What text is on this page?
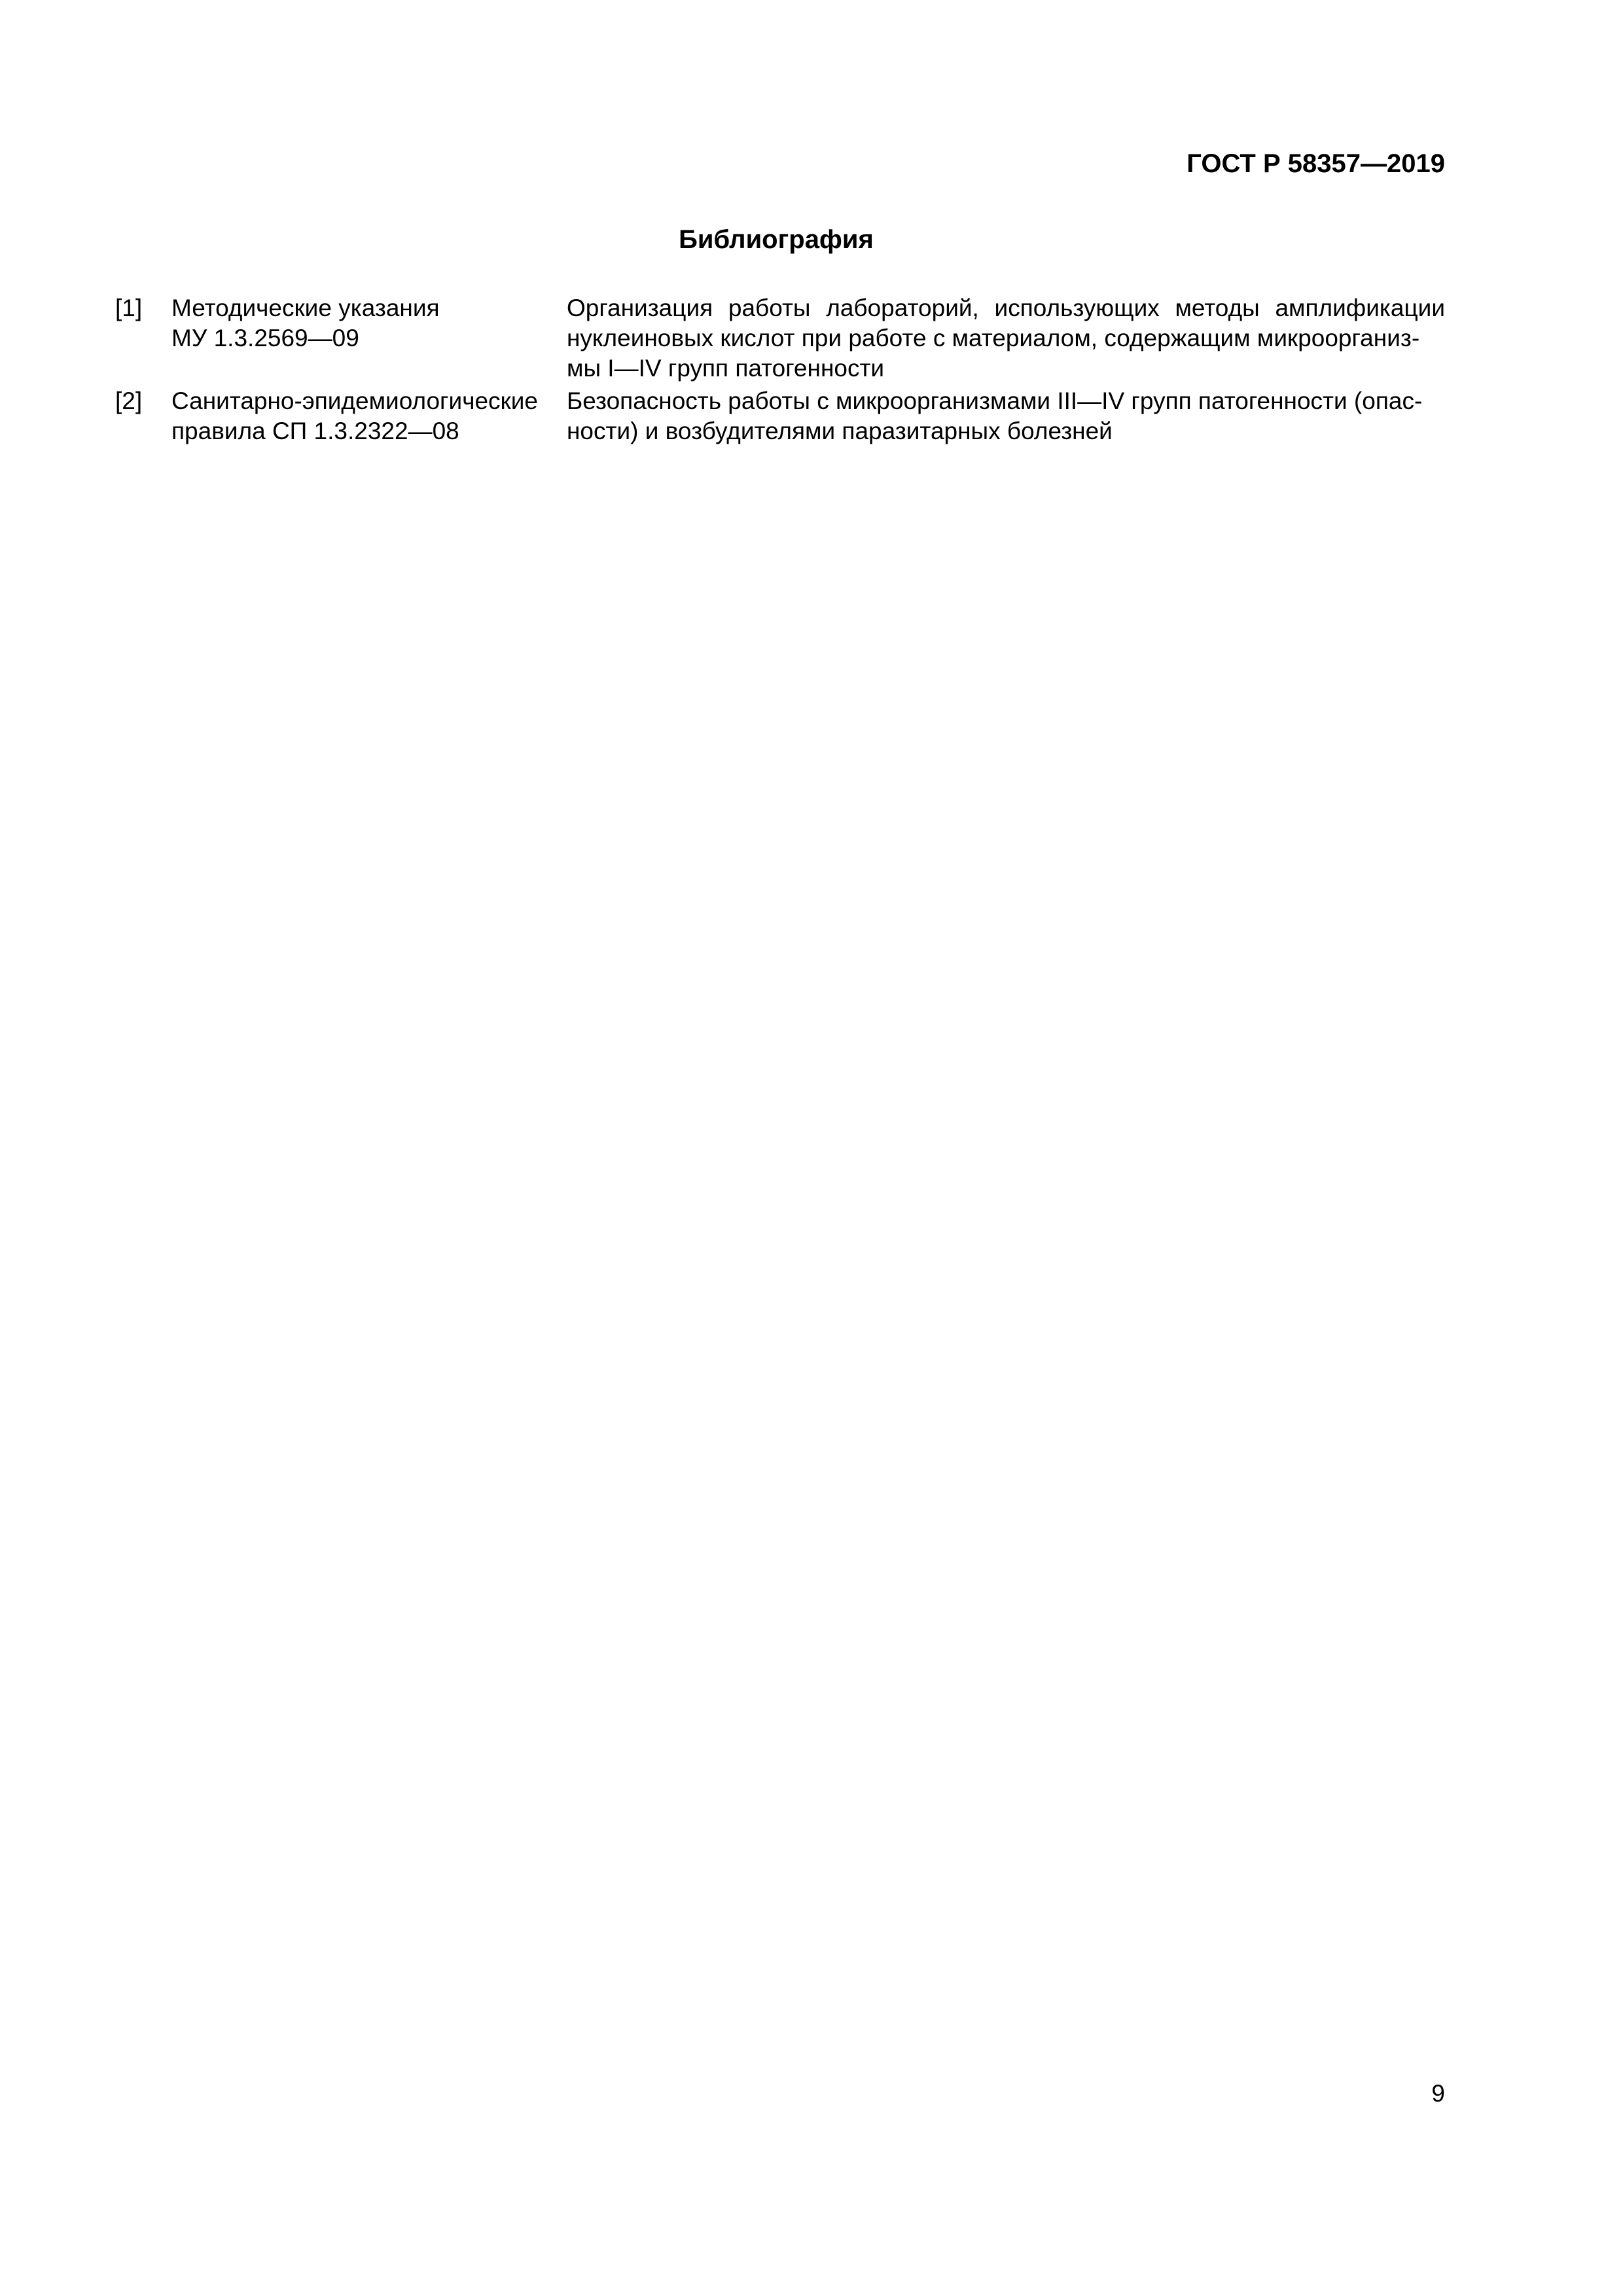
ГОСТ Р 58357—2019
Библиография
[1]	Методические указания
МУ 1.3.2569—09
Организация работы лабораторий, использующих методы амплификации нуклеиновых кислот при работе с материалом, содержащим микроорганиз-
мы I—IV групп патогенности
[2]	Санитарно-эпидемиологические
правила СП 1.3.2322—08
Безопасность работы с микроорганизмами III—IV групп патогенности (опас-
ности) и возбудителями паразитарных болезней
9
